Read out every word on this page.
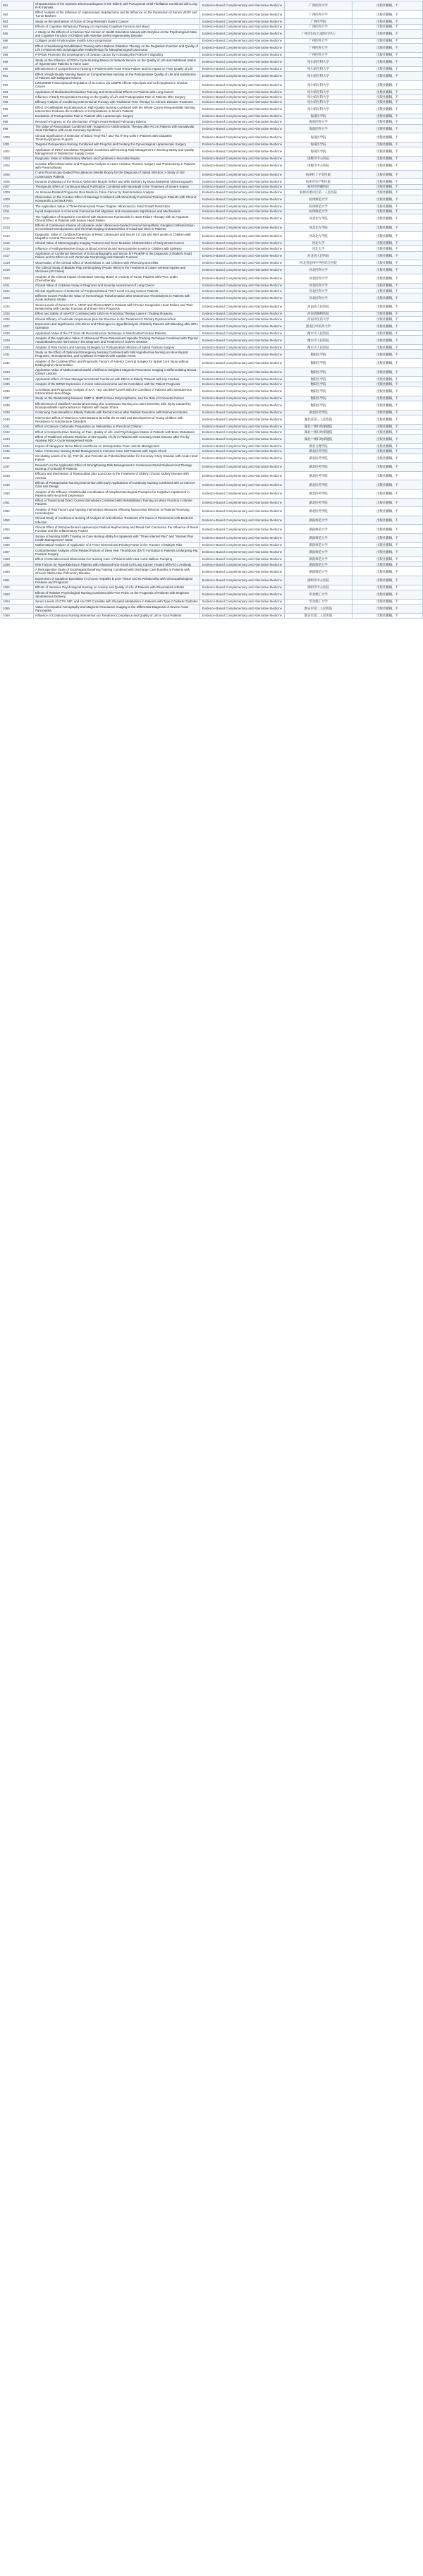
981	Characteristics of the Dynamic Electrocardiogram in the Elderly with Paroxysmal Atrial Fibrillation Combined with Long R-R Intervals	Evidence-Based Complementary and Alternative Medicine	广西医科大学	出版社撤稿，不
982	Effect Analysis of the Influence of Laparoscopic Hepatectomy and Its Influence on the Expression of Serum VEGF and Tumor Markers	Evidence-Based Complementary and Alternative Medicine	广西医科大学	出版社撤稿，不
983	Study on the Mechanism of Action of Drug-Resistant Gastric Cancer	Evidence-Based Complementary and Alternative Medicine	广西医学院	出版社撤稿，不
984	Effects of Cognitive Behavioral Therapy on Improving Cognitive Function and Mood	Evidence-Based Complementary and Alternative Medicine	广西医科大学	出版社撤稿，不
985	A Study on the Effects of a Cartoon Text Version of Health Education Manual with Storyline on the Psychological State and Cognitive Function of Children with Attention Deficit Hyperactivity Disorder	Evidence-Based Complementary and Alternative Medicine	广州市妇女儿童医疗中心	出版社撤稿，不
986	Collagen prolyl 4-hydroxylase modify tumor progression	Evidence-Based Complementary and Alternative Medicine	广州医科大学	出版社撤稿，不
987	Effect of Swallowing Rehabilitation Training with a Balloon Dilatation Therapy on the Deglutition Function and Quality of Life in Patients with Dysphagia after Radiotherapy for Nasopharyngeal Carcinoma	Evidence-Based Complementary and Alternative Medicine	广州医科大学	出版社撤稿，不
988	PTPN20 Promotes the Development of Ovarian Cancer by Activating the PI3K/AKT Signaling	Evidence-Based Complementary and Alternative Medicine	广州医科大学	出版社撤稿，不
989	Study on the Influence of PDCA Cycle Nursing Based on Network Service on the Quality of Life and Nutritional Status of Hypertensive Patients in Home Care	Evidence-Based Complementary and Alternative Medicine	哈尔滨医科大学	出版社撤稿，不
990	Effectiveness of Comprehensive Nursing in Patients with Acute Renal Failure and Its Impact on Their Quality of Life	Evidence-Based Complementary and Alternative Medicine	哈尔滨医科大学	出版社撤稿，不
991	Effect of High-Quality Nursing Based on Comprehensive Nursing on the Postoperative Quality of Life and Satisfaction of Patients with Malignant Glioma	Evidence-Based Complementary and Alternative Medicine	哈尔滨医科大学	出版社撤稿，不
992	LINC00958 Transcriptional Regulation of SLC16A1 via CEBPB Affects Glycolysis and Cell Apoptosis in Ovarian Cancer	Evidence-Based Complementary and Alternative Medicine	哈尔滨医科大学	出版社撤稿，不
993	Application of Mediastinal Relaxation Training and Its Beneficial Effects on Patients with Lung Cancer	Evidence-Based Complementary and Alternative Medicine	哈尔滨医科大学	出版社撤稿，不
994	Influence of Early Preoperative Nursing on the Quality of Life and Postoperative Pain of Patients after Surgery	Evidence-Based Complementary and Alternative Medicine	哈尔滨医科大学	出版社撤稿，不
995	Efficacy Analysis of Combining Interventional Therapy with Traditional TCM Therapy for Chronic Disease Treatment	Evidence-Based Complementary and Alternative Medicine	哈尔滨医科大学	出版社撤稿，不
996	Effect of Gallbladder Hydrodissection: High-Quality Nursing Combined with the Whole-Course Responsibility Nursing Intervention Reduces the Incidence of Complications in Severe Patients	Evidence-Based Complementary and Alternative Medicine	哈尔滨医科大学	出版社撤稿，不
997	Evaluation of Postoperative Pain in Patients after Laparoscopic Surgery	Evidence-Based Complementary and Alternative Medicine	海南医学院	出版社撤稿，不
998	Research Progress on the Mechanism of Right Heart-Related Pulmonary Edema	Evidence-Based Complementary and Alternative Medicine	海南医科大学	出版社撤稿，不
999	The Value of Rivaroxaban Combined with Ticagrelor in Antithrombotic Therapy after PCI in Patients with Nonvalvular Atrial Fibrillation with Acute Coronary Syndrome	Evidence-Based Complementary and Alternative Medicine	海南医科大学	出版社撤稿，不
1000	Clinical Significance of Detection of Blood Treg/Th17 and Th17/Treg Cells in Patients with Idiopathic Thrombocytopenic Purpura	Evidence-Based Complementary and Alternative Medicine	海南医学院	出版社撤稿，不
1001	Targeted Perioperative Nursing Combined with Propofol and Fentanyl for Gynecological Laparoscopic Surgery	Evidence-Based Complementary and Alternative Medicine	海南医学院	出版社撤稿，不
1002	Application of PDCA Circulation Regulation Combined with Nursing Risk Management in Nursing Safety and Quality Management of Disinfection Supply Center	Evidence-Based Complementary and Alternative Medicine	海南医学院	出版社撤稿，不
1003	Diagnostic Value of Inflammatory Markers and Cytokines in Neonatal Sepsis	Evidence-Based Complementary and Alternative Medicine	邯郸市中心医院	出版社撤稿，不
1004	Curative Effect Observation and Prognosis Analysis of Laser-Assisted Thoracic Surgery and Thoracotomy in Patients with Pneumothorax	Evidence-Based Complementary and Alternative Medicine	邯郸市中心医院	出版社撤稿，不
1005	C-arm Fluoroscopy-Guided Percutaneous Needle Biopsy for the Diagnosis of Spinal Infection: A Study of 202 Consecutive Patients	Evidence-Based Complementary and Alternative Medicine	杭州红十字会医院	出版社撤稿，不
1006	Dynamic Evaluation of the Rectus Abdominis Muscle before and after Delivery by Musculoskeletal Ultrasonography	Evidence-Based Complementary and Alternative Medicine	杭州市妇产科医院	出版社撤稿，不
1007	Therapeutic Effect of Continuous Blood Purification Combined with Nicorandil in the Treatment of Severe Sepsis	Evidence-Based Complementary and Alternative Medicine	杭州市西溪医院	出版社撤稿，不
1008	An Immune-Related Prognostic Risk Model in Colon Cancer by Bioinformatics Analysis	Evidence-Based Complementary and Alternative Medicine	杭州市萧山区第一人民医院	出版社撤稿，不
1009	Observation on the Curative Effect of Massage Combined with Mind-Body Functional Training in Patients with Chronic Nonspecific Low Back Pain	Evidence-Based Complementary and Alternative Medicine	杭州师范大学	出版社撤稿，不
1010	The Application Value of Three-Dimensional Power Doppler Ultrasound in Fetal Growth Restriction	Evidence-Based Complementary and Alternative Medicine	杭州师范大学	出版社撤稿，不
1011	Hyoid Suspension in Colorectal Carcinoma Cell Migration and Invasiveness Significance and Mechanisms	Evidence-Based Complementary and Alternative Medicine	杭州师范大学	出版社撤稿，不
1012	The Application of Dopamine Combined with Intravenous Furosemide in Heart Failure Therapy with an Apparent Clinical Effect in Patients with Severe Heart Failure	Evidence-Based Complementary and Alternative Medicine	河北北方学院	出版社撤稿，不
1013	Effects of Continuous Infusion of Lidocaine under Ultrasound-Guided Cervical Sympathetic Ganglion Catheterization on Cerebral Hemodynamics and Thermal Imaging Characteristics of Head and Neck in Patients	Evidence-Based Complementary and Alternative Medicine	河北北方学院	出版社撤稿，不
1014	Diagnostic Value of Combined Detection of Pelvic Ultrasound and Serum CA 125 and HE4 Levels in Children with Idiopathic Central Precocious Puberty	Evidence-Based Complementary and Alternative Medicine	河北北方学院	出版社撤稿，不
1015	Clinical Value of Mammography Imaging Features and Gene Mutation Characteristics of Early Breast Cancer	Evidence-Based Complementary and Alternative Medicine	河北大学	出版社撤稿，不
1016	Influence of Antihypertensive Drugs on Blood Ammonia and Homocysteine Levels in Children with Epilepsy	Evidence-Based Complementary and Alternative Medicine	河北大学	出版社撤稿，不
1017	Application of Combined Detection of Echocardiography and Serum NT-ProBNP in the Diagnosis of Diabetic Heart Failure and Its Effect on Left Ventricular Morphology and Diastolic Function	Evidence-Based Complementary and Alternative Medicine	河北省人民医院	出版社撤稿，不
1018	Observation of the Clinical Effect of Montelukast in 104 Children with Wheezing Bronchitis	Evidence-Based Complementary and Alternative Medicine	河北省沧州中西医结合医院	出版社撤稿，不
1019	The Clinical Study of Bladder Flap Ureteroplasty (Psoas Hitch) in the Treatment of Lower Ureteral Injuries and Strictures (20 Cases)	Evidence-Based Complementary and Alternative Medicine	河北医科大学	出版社撤稿，不
1020	Analysis of the Clinical Impact of Narrative Nursing Model on Anxiety of Tumor Patients with PICC under Chemotherapy	Evidence-Based Complementary and Alternative Medicine	河北医科大学	出版社撤稿，不
1021	Clinical Value of Cytokine Assay in Diagnosis and Severity Assessment of Lung Cancer	Evidence-Based Complementary and Alternative Medicine	河北医科大学	出版社撤稿，不
1022	Clinical Significance of Detection of Peripheral Blood TIGIT Level in Lung Cancer Patients	Evidence-Based Complementary and Alternative Medicine	河北医科大学	出版社撤稿，不
1023	Different Scores Predict the Value of Hemorrhagic Transformation after Intravenous Thrombolysis in Patients with Acute Ischemic Stroke	Evidence-Based Complementary and Alternative Medicine	河北医科大学	出版社撤稿，不
1024	Serum Levels of Serum IGF-1, VEGF and Plasma BNP in Patients with Chronic Congestive Heart Failure and Their Relationship with Cardiac Function and Short-Term Prognosis	Evidence-Based Complementary and Alternative Medicine	河南省人民医院	出版社撤稿，不
1025	Effect and Safety of Ala-PDT Combined with 1550 nm Fractional Therapy Laser in Treating Rosacea	Evidence-Based Complementary and Alternative Medicine	河南省胸科医院	出版社撤稿，不
1026	Clinical Efficacy of Auricular Acupressure plus Ear Exercise in the Treatment of Primary Dysmenorrhea	Evidence-Based Complementary and Alternative Medicine	河南中医药大学	出版社撤稿，不
1027	Expression and Significance of D-Dimer and Fibrinogen in Hyperfibrinolysis of Elderly Patients with Bleeding after EPH Operation	Evidence-Based Complementary and Alternative Medicine	黑龙江中医药大学	出版社撤稿，不
1028	Application Value of the CT Scan 3D Reconstruction Technique in Nasofrontal Fracture Patients	Evidence-Based Complementary and Alternative Medicine	衡水市人民医院	出版社撤稿，不
1029	Analysis of the Application Value of Ultrasound Three-Dimensional Speckle Tracking Technique Combined with Thyroid Autoantibodies and Hormones in the Diagnosis and Treatment of Graves' Disease	Evidence-Based Complementary and Alternative Medicine	衡水市人民医院	出版社撤稿，不
1030	Analysis of Risk Factors and Nursing Strategies for Postoperative Infection of Spinal Fracture Surgery	Evidence-Based Complementary and Alternative Medicine	衡水市人民医院	出版社撤稿，不
1031	Study on the Effect of Optimized Emergency Nursing Combined with Mild Hypothermia Nursing on Neurological Prognosis, Hemodynamics, and Cytokines in Patients with Cardiac Arrest	Evidence-Based Complementary and Alternative Medicine	衡阳医学院	出版社撤稿，不
1032	Analysis of the Curative Effect and Prognostic Factors of Anterior Cervical Surgery for Spinal Cord Injury without Radiographic Abnormalities	Evidence-Based Complementary and Alternative Medicine	衡阳医学院	出版社撤稿，不
1033	Application Value of Mathematical Model of Diffusion-Weighted Magnetic Resonance Imaging in Differentiating Breast Cancer Lesions	Evidence-Based Complementary and Alternative Medicine	衡阳医学院	出版社撤稿，不
1034	Application Effect of Case Management Model Combined with ERAS in Elderly Patients with Hip Fracture	Evidence-Based Complementary and Alternative Medicine	衡阳医学院	出版社撤稿，不
1035	Analysis of the BZW2 Expression in Colon Adenocarcinoma and Its Correlation with the Patient Prognosis	Evidence-Based Complementary and Alternative Medicine	衡阳医学院	出版社撤稿，不
1036	Correlation and Prognostic Analysis of SAA, Hcy, and BNP Levels with the Condition of Patients with Spontaneous Intracerebral Hemorrhage	Evidence-Based Complementary and Alternative Medicine	衡阳医学院	出版社撤稿，不
1037	Study on the Relationship between MMP-2, MMP-9 Gene Polymorphisms, and the Risk of Colorectal Cancer	Evidence-Based Complementary and Alternative Medicine	衡阳医学院	出版社撤稿，不
1038	Effectiveness of Modified Functional Dressing plus Continuous Nursing on Lower Extremity Skin Injury Caused by Nonsaponifiable Hydrocarbons in Patients with Septic Shock	Evidence-Based Complementary and Alternative Medicine	衡阳医学院	出版社撤稿，不
1039	Continuing Care Benefits to Elderly Patients with Rectal Cancer after Radical Resection with Permanent Stoma	Evidence-Based Complementary and Alternative Medicine	湖北医药学院	出版社撤稿，不
1040	Intervention Effect of Vitamin D Administration Benefits the Growth and Development of Young Children with Resistance to Autoimmune Disorders	Evidence-Based Complementary and Alternative Medicine	湖北省第三人民医院	出版社撤稿，不
1041	Effect of Calcium Carbonate Preparation on Malnutrition in Preschool Children	Evidence-Based Complementary and Alternative Medicine	湖北十堰妇幼保健院	出版社撤稿，不
1042	Effect of Comprehensive Nursing on Pain, Quality of Life, and Psychological Status of Patients with Bone Metastasis	Evidence-Based Complementary and Alternative Medicine	湖北十堰妇幼保健院	出版社撤稿，不
1043	Effect of Traditional Chinese Medicine on the Quality of Life in Patients with Coronary Heart Disease after PCI by Applying PDCA Cycle Management Mode	Evidence-Based Complementary and Alternative Medicine	湖北十堰妇幼保健院	出版社撤稿，不
1044	Impact of Intrapyloric Nerve Block Anesthesia on Intraoperative Fever and Its Management	Evidence-Based Complementary and Alternative Medicine	湖北文理学院	出版社撤稿，不
1045	Value of Intensive Nursing Detail Management in Intensive Care Unit Patients with Septic Shock	Evidence-Based Complementary and Alternative Medicine	湖北医药学院	出版社撤稿，不
1046	Circulating Levels of IL-1β, TGF-β1, and Periostin as Potential Biomarker for Coronary Artery Disease with Acute Heart Failure	Evidence-Based Complementary and Alternative Medicine	湖北医药学院	出版社撤稿，不
1047	Research on the Application Effect of Strengthening Risk Management in Continuous Renal Replacement Therapy Nursing of Critically Ill Patients	Evidence-Based Complementary and Alternative Medicine	湖北医药学院	出版社撤稿，不
1048	Efficacy and Mechanism of Rivaroxaban plus Low Dose in the Treatment of Elderly Chronic Kidney Disease with Anemia	Evidence-Based Complementary and Alternative Medicine	湖北医药学院	出版社撤稿，不
1049	Effects of Postoperative Nursing Intervention with Early Applications of Continuity Nursing Combined with an Internet Care Unit Design	Evidence-Based Complementary and Alternative Medicine	湖北医药学院	出版社撤稿，不
1050	Analysis of the Efficacy of Multimodal Combination of Nonpharmacological Therapies for Cognitive Impairment in Patients with Recurrent Depression	Evidence-Based Complementary and Alternative Medicine	湖北医药学院	出版社撤稿，不
1051	Effect of Transcranial Direct Current Stimulation Combined with Rehabilitation Training on Motor Function in Stroke Patients	Evidence-Based Complementary and Alternative Medicine	湖北医药学院	出版社撤稿，不
1052	Analysis of Risk Factors and Nursing Intervention Measures Affecting Nosocomial Infection in Patients Receiving Hemodialysis	Evidence-Based Complementary and Alternative Medicine	湖北医药学院	出版社撤稿，不
1053	Clinical Study of Continuous Nursing of Analysis of Anti-Infective Treatment of 9 Cases of Pneumonia with Bacterial Infection	Evidence-Based Complementary and Alternative Medicine	湖南师范大学	出版社撤稿，不
1054	Clinical Effect of Retroperitoneal Laparoscopic Radical Nephrectomy and Renal Cell Carcinoma, the Influence of Renal Function and the Inflammatory Factors	Evidence-Based Complementary and Alternative Medicine	湖南师范大学	出版社撤稿，不
1055	Survey of Nursing Staff's Training on Care Nursing Ability for Inpatients with "Three Internet Plus" and "Internet Plus Health Management" Mode	Evidence-Based Complementary and Alternative Medicine	湖南师范大学	出版社撤稿，不
1056	Mathematical Analysis of Application of a Three-Dimensional Printing Frame in the Fracture of Multiple Ribs	Evidence-Based Complementary and Alternative Medicine	湖南师范大学	出版社撤稿，不
1057	Comprehensive Analysis of the Related Factors of Deep Vein Thrombosis (DVT) Formation in Patients Undergoing Hip Fracture Surgery	Evidence-Based Complementary and Alternative Medicine	湖南师范大学	出版社撤稿，不
1058	Effect of Omnidirectional Observation for Nursing Care of Patients with Intra-Aortic Balloon Pumping	Evidence-Based Complementary and Alternative Medicine	湖南师范大学	出版社撤稿，不
1059	Risk Factors for Hyperkalemia in Patients with Advanced Non-Small Cell Lung Cancer Treated with PD-1 Antibody	Evidence-Based Complementary and Alternative Medicine	湖南师范大学	出版社撤稿，不
1060	A Retrospective Study of Esophageal Breathing Training Combined with Discharge Care Bundles in Patients with Chronic Obstructive Pulmonary Disease	Evidence-Based Complementary and Alternative Medicine	湖南师范大学	出版社撤稿，不
1061	Expression of Squalene Epoxidase in Chronic Hepatitis B Liver Tissue and Its Relationship with Clinicopathological Features and Prognosis	Evidence-Based Complementary and Alternative Medicine	湖州市中心医院	出版社撤稿，不
1062	Effects of Intensive Psychological Nursing on Anxiety and Quality of Life of Patients with Rheumatoid Arthritis	Evidence-Based Complementary and Alternative Medicine	湖州市中心医院	出版社撤稿，不
1063	Effects of Relative Psychological Nursing Combined with Free Pelvic on the Prognosis of Patients with Singleton Spontaneous Delivery	Evidence-Based Complementary and Alternative Medicine	华北理工大学	出版社撤稿，不
1064	Serum Levels of ICTS, MIF, and Hs-CRP Correlate with Glycated Metabolism in Patients with Type 2 Diabetic Diabetes	Evidence-Based Complementary and Alternative Medicine	华北理工大学	出版社撤稿，不
1065	Value of Computed Tomography and Magnetic Resonance Imaging in the Differential Diagnosis of Severe Acute Pancreatitis	Evidence-Based Complementary and Alternative Medicine	淮安市第二人民医院	出版社撤稿，不
1066	Influence of Continuous Nursing Intervention on Treatment Compliance and Quality of Life in Gout Patients	Evidence-Based Complementary and Alternative Medicine	淮安市第二人民医院	出版社撤稿，不
